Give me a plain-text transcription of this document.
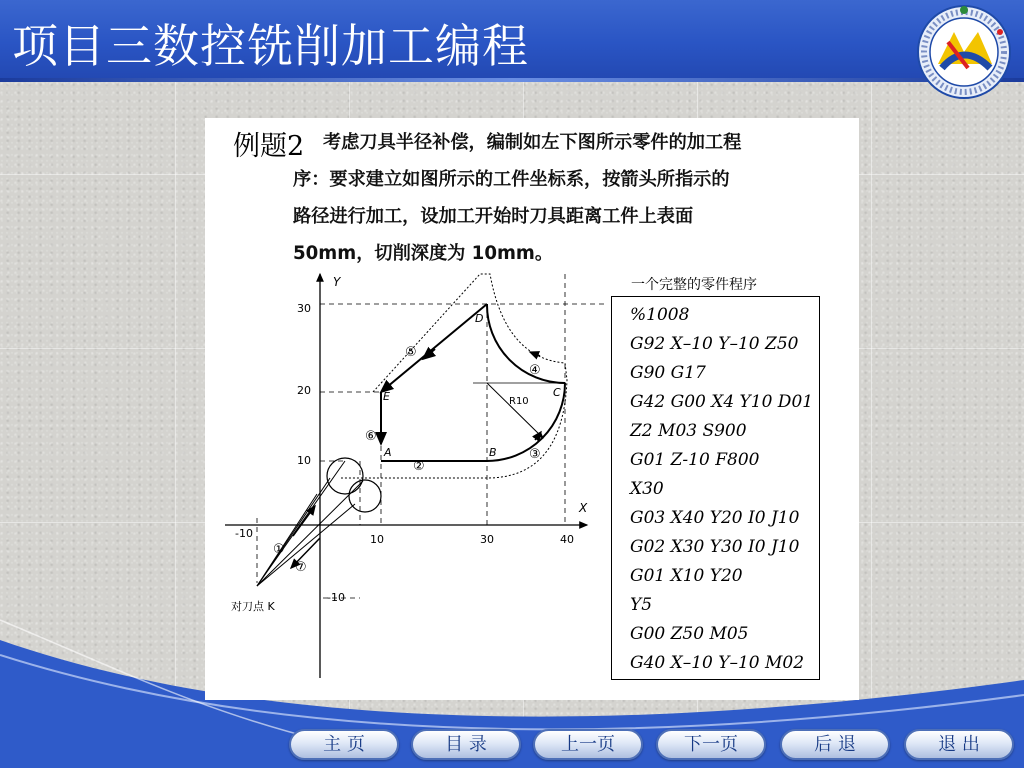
项目三数控铣削加工编程
例题2	考虑刀具半径补偿，编制如左下图所示零件的加工程
序：要求建立如图所示的工件坐标系，按箭头所指示的
路径进行加工，设加工开始时刀具距离工件上表面
50mm，切削深度为 10mm。
Y
X
30
20
10
-10
-10	10	30	40
A	B
C
D
E	R10
①
②
③
④
⑤
⑥
⑦
对刀点 K
一个完整的零件程序
%1008
G92 X–10 Y–10 Z50
G90 G17
G42 G00 X4 Y10 D01
Z2 M03 S900
G01 Z-10 F800
X30
G03 X40 Y20 I0 J10
G02 X30 Y30 I0 J10
G01 X10 Y20
Y5
G00 Z50 M05
G40 X–10 Y–10 M02
主 页	目 录	上一页	下一页	后 退	退 出
